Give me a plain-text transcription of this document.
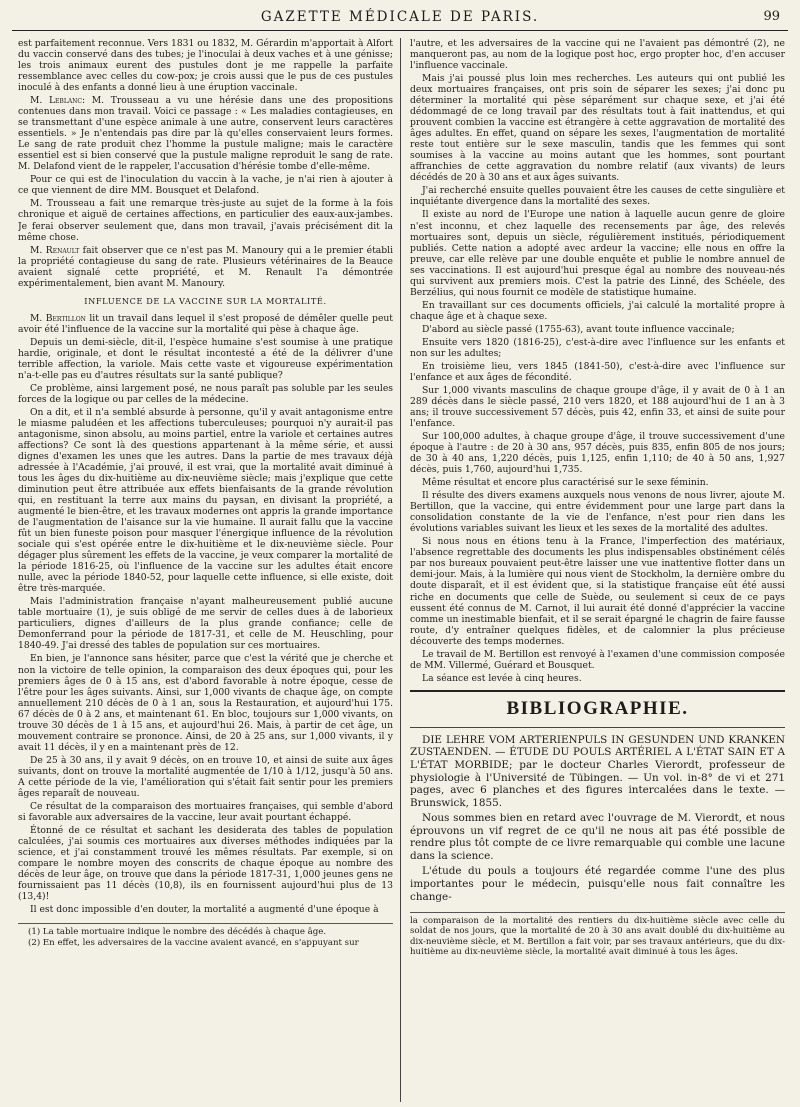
GAZETTE MÉDICALE DE PARIS.	99

est parfaitement reconnue. Vers 1831 ou 1832, M. Gérardin m'apportait à Alfort du vaccin conservé dans des tubes; je l'inoculai à deux vaches et à une génisse; les trois animaux eurent des pustules dont je me rappelle la parfaite ressemblance avec celles du cow-pox; je crois aussi que le pus de ces pustules inoculé à des enfants a donné lieu à une éruption vaccinale.

M. Leblanc: M. Trousseau a vu une hérésie dans une des propositions contenues dans mon travail. Voici ce passage : « Les maladies contagieuses, en se transmettant d'une espèce animale à une autre, conservent leurs caractères essentiels. » Je n'entendais pas dire par là qu'elles conservaient leurs formes. Le sang de rate produit chez l'homme la pustule maligne; mais le caractère essentiel est si bien conservé que la pustule maligne reproduit le sang de rate. M. Delafond vient de le rappeler, l'accusation d'hérésie tombe d'elle-même.

Pour ce qui est de l'inoculation du vaccin à la vache, je n'ai rien à ajouter à ce que viennent de dire MM. Bousquet et Delafond.

M. Trousseau a fait une remarque très-juste au sujet de la forme à la fois chronique et aiguë de certaines affections, en particulier des eaux-aux-jambes. Je ferai observer seulement que, dans mon travail, j'avais précisément dit la même chose.

M. Renault fait observer que ce n'est pas M. Manoury qui a le premier établi la propriété contagieuse du sang de rate. Plusieurs vétérinaires de la Beauce avaient signalé cette propriété, et M. Renault l'a démontrée expérimentalement, bien avant M. Manoury.

INFLUENCE DE LA VACCINE SUR LA MORTALITÉ.

M. Bertillon lit un travail dans lequel il s'est proposé de démêler quelle peut avoir été l'influence de la vaccine sur la mortalité qui pèse à chaque âge.

Depuis un demi-siècle, dit-il, l'espèce humaine s'est soumise à une pratique hardie, originale, et dont le résultat incontesté a été de la délivrer d'une terrible affection, la variole. Mais cette vaste et vigoureuse expérimentation n'a-t-elle pas eu d'autres résultats sur la santé publique?

Ce problème, ainsi largement posé, ne nous paraît pas soluble par les seules forces de la logique ou par celles de la médecine.

On a dit, et il n'a semblé absurde à personne, qu'il y avait antagonisme entre le miasme paludéen et les affections tuberculeuses; pourquoi n'y aurait-il pas antagonisme, sinon absolu, au moins partiel, entre la variole et certaines autres affections? Ce sont là des questions appartenant à la même série, et aussi dignes d'examen les unes que les autres. Dans la partie de mes travaux déjà adressée à l'Académie, j'ai prouvé, il est vrai, que la mortalité avait diminué à tous les âges du dix-huitième au dix-neuvième siècle; mais j'explique que cette diminution peut être attribuée aux effets bienfaisants de la grande révolution qui, en restituant la terre aux mains du paysan, en divisant la propriété, a augmenté le bien-être, et les travaux modernes ont appris la grande importance de l'augmentation de l'aisance sur la vie humaine. Il aurait fallu que la vaccine fût un bien funeste poison pour masquer l'énergique influence de la révolution sociale qui s'est opérée entre le dix-huitième et le dix-neuvième siècle. Pour dégager plus sûrement les effets de la vaccine, je veux comparer la mortalité de la période 1816-25, où l'influence de la vaccine sur les adultes était encore nulle, avec la période 1840-52, pour laquelle cette influence, si elle existe, doit être très-marquée.

Mais l'administration française n'ayant malheureusement publié aucune table mortuaire (1), je suis obligé de me servir de celles dues à de laborieux particuliers, dignes d'ailleurs de la plus grande confiance; celle de Demonferrand pour la période de 1817-31, et celle de M. Heuschling, pour 1840-49. J'ai dressé des tables de population sur ces mortuaires.

En bien, je l'annonce sans hésiter, parce que c'est la vérité que je cherche et non la victoire de telle opinion, la comparaison des deux époques qui, pour les premiers âges de 0 à 15 ans, est d'abord favorable à notre époque, cesse de l'être pour les âges suivants. Ainsi, sur 1,000 vivants de chaque âge, on compte annuellement 210 décès de 0 à 1 an, sous la Restauration, et aujourd'hui 175. 67 décès de 0 à 2 ans, et maintenant 61. En bloc, toujours sur 1,000 vivants, on trouve 30 décès de 1 à 15 ans, et aujourd'hui 26. Mais, à partir de cet âge, un mouvement contraire se prononce. Ainsi, de 20 à 25 ans, sur 1,000 vivants, il y avait 11 décès, il y en a maintenant près de 12.

De 25 à 30 ans, il y avait 9 décès, on en trouve 10, et ainsi de suite aux âges suivants, dont on trouve la mortalité augmentée de 1/10 à 1/12, jusqu'à 50 ans. A cette période de la vie, l'amélioration qui s'était fait sentir pour les premiers âges reparaît de nouveau.

Ce résultat de la comparaison des mortuaires françaises, qui semble d'abord si favorable aux adversaires de la vaccine, leur avait pourtant échappé.

Étonné de ce résultat et sachant les desiderata des tables de population calculées, j'ai soumis ces mortuaires aux diverses méthodes indiquées par la science, et j'ai constamment trouvé les mêmes résultats. Par exemple, si on compare le nombre moyen des conscrits de chaque époque au nombre des décès de leur âge, on trouve que dans la période 1817-31, 1,000 jeunes gens ne fournissaient pas 11 décès (10,8), ils en fournissent aujourd'hui plus de 13 (13,4)!

Il est donc impossible d'en douter, la mortalité a augmenté d'une époque à

(1) La table mortuaire indique le nombre des décédés à chaque âge.

(2) En effet, les adversaires de la vaccine avaient avancé, en s'appuyant sur

l'autre, et les adversaires de la vaccine qui ne l'avaient pas démontré (2), ne manqueront pas, au nom de la logique post hoc, ergo propter hoc, d'en accuser l'influence vaccinale.

Mais j'ai poussé plus loin mes recherches. Les auteurs qui ont publié les deux mortuaires françaises, ont pris soin de séparer les sexes; j'ai donc pu déterminer la mortalité qui pèse séparément sur chaque sexe, et j'ai été dédommagé de ce long travail par des résultats tout à fait inattendus, et qui prouvent combien la vaccine est étrangère à cette aggravation de mortalité des âges adultes. En effet, quand on sépare les sexes, l'augmentation de mortalité reste tout entière sur le sexe masculin, tandis que les femmes qui sont soumises à la vaccine au moins autant que les hommes, sont pourtant affranchies de cette aggravation du nombre relatif (aux vivants) de leurs décédés de 20 à 30 ans et aux âges suivants.

J'ai recherché ensuite quelles pouvaient être les causes de cette singulière et inquiétante divergence dans la mortalité des sexes.

Il existe au nord de l'Europe une nation à laquelle aucun genre de gloire n'est inconnu, et chez laquelle des recensements par âge, des relevés mortuaires sont, depuis un siècle, régulièrement institués, périodiquement publiés. Cette nation a adopté avec ardeur la vaccine; elle nous en offre la preuve, car elle relève par une double enquête et publie le nombre annuel de ses vaccinations. Il est aujourd'hui presque égal au nombre des nouveau-nés qui survivent aux premiers mois. C'est la patrie des Linné, des Schéele, des Berzélius, qui nous fournit ce modèle de statistique humaine.

En travaillant sur ces documents officiels, j'ai calculé la mortalité propre à chaque âge et à chaque sexe.

D'abord au siècle passé (1755-63), avant toute influence vaccinale;

Ensuite vers 1820 (1816-25), c'est-à-dire avec l'influence sur les enfants et non sur les adultes;

En troisième lieu, vers 1845 (1841-50), c'est-à-dire avec l'influence sur l'enfance et aux âges de fécondité.

Sur 1,000 vivants masculins de chaque groupe d'âge, il y avait de 0 à 1 an 289 décès dans le siècle passé, 210 vers 1820, et 188 aujourd'hui de 1 an à 3 ans; il trouve successivement 57 décès, puis 42, enfin 33, et ainsi de suite pour l'enfance.

Sur 100,000 adultes, à chaque groupe d'âge, il trouve successivement d'une époque à l'autre : de 20 à 30 ans, 957 décès, puis 835, enfin 805 de nos jours; de 30 à 40 ans, 1,220 décès, puis 1,125, enfin 1,110; de 40 à 50 ans, 1,927 décès, puis 1,760, aujourd'hui 1,735.

Même résultat et encore plus caractérisé sur le sexe féminin.

Il résulte des divers examens auxquels nous venons de nous livrer, ajoute M. Bertillon, que la vaccine, qui entre évidemment pour une large part dans la consolidation constante de la vie de l'enfance, n'est pour rien dans les évolutions variables suivant les lieux et les sexes de la mortalité des adultes.

Si nous nous en étions tenu à la France, l'imperfection des matériaux, l'absence regrettable des documents les plus indispensables obstinément célés par nos bureaux pouvaient peut-être laisser une vue inattentive flotter dans un demi-jour. Mais, à la lumière qui nous vient de Stockholm, la dernière ombre du doute disparaît, et il est évident que, si la statistique française eût été aussi riche en documents que celle de Suède, ou seulement si ceux de ce pays eussent été connus de M. Carnot, il lui aurait été donné d'apprécier la vaccine comme un inestimable bienfait, et il se serait épargné le chagrin de faire fausse route, d'y entraîner quelques fidèles, et de calomnier la plus précieuse découverte des temps modernes.

Le travail de M. Bertillon est renvoyé à l'examen d'une commission composée de MM. Villermé, Guérard et Bousquet.

La séance est levée à cinq heures.

BIBLIOGRAPHIE.

DIE LEHRE VOM ARTERIENPULS IN GESUNDEN UND KRANKEN ZUSTAENDEN. — ÉTUDE DU POULS ARTÉRIEL A L'ÉTAT SAIN ET A L'ÉTAT MORBIDE; par le docteur Charles Vierordt, professeur de physiologie à l'Université de Tübingen. — Un vol. in-8° de vi et 271 pages, avec 6 planches et des figures intercalées dans le texte. — Brunswick, 1855.

Nous sommes bien en retard avec l'ouvrage de M. Vierordt, et nous éprouvons un vif regret de ce qu'il ne nous ait pas été possible de rendre plus tôt compte de ce livre remarquable qui comble une lacune dans la science.

L'étude du pouls a toujours été regardée comme l'une des plus importantes pour le médecin, puisqu'elle nous fait connaître les change-

la comparaison de la mortalité des rentiers du dix-huitième siècle avec celle du soldat de nos jours, que la mortalité de 20 à 30 ans avait doublé du dix-huitième au dix-neuvième siècle, et M. Bertillon a fait voir, par ses travaux antérieurs, que du dix-huitième au dix-neuvième siècle, la mortalité avait diminué à tous les âges.
